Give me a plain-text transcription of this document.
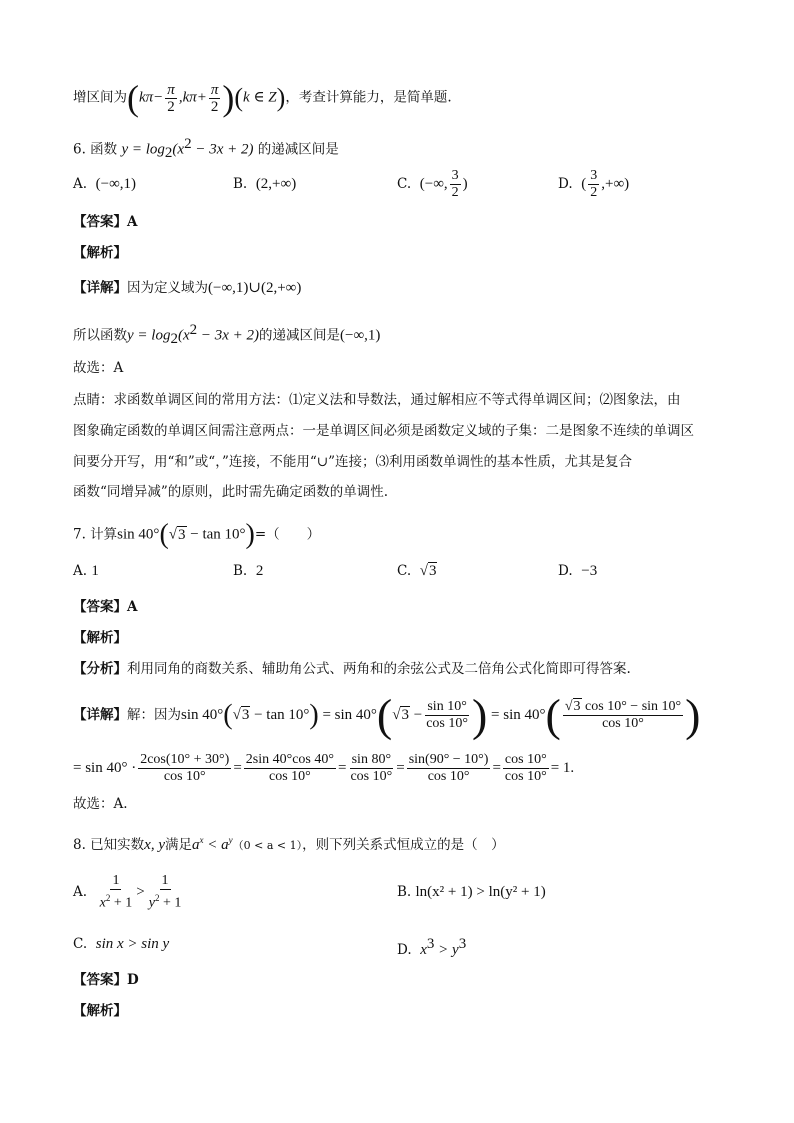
增区间为$(k\pi- \frac{\pi}{2} ,k\pi+ \frac{\pi}{2} )(k$ ∈ Z)，考查计算能力，是简单题.
6. 函数 $y = \log_2(x^2 - 3x + 2)$ 的递减区间是
A. (−∞,1)	B. (2,+∞)	C. (−∞, $\frac{3}{2}$ )	D. ( $\frac{3}{2}$ ,+∞)
【答案】A
【解析】
【详解】因为定义域为(−∞,1)∪(2,+∞)
所以函数$y = \log_2(x^2 - 3x + 2)$的递减区间是(−∞,1)
故选：A
点睛：求函数单调区间的常用方法：⑴定义法和导数法，通过解相应不等式得单调区间；⑵图象法，由
图象确定函数的单调区间需注意两点：一是单调区间必须是函数定义域的子集：二是图象不连续的单调区
间要分开写，用“和”或“，”连接，不能用“∪”连接；⑶利用函数单调性的基本性质，尤其是复合
函数“同增异减”的原则，此时需先确定函数的单调性.
7. 计算sin 40°(√3 − tan 10°)=（　　）
A. 1	B. 2	C. √3	D. −3
【答案】A
【解析】
【分析】利用同角的商数关系、辅助角公式、两角和的余弦公式及二倍角公式化简即可得答案.
【详解】解：因为$\sin 40^\circ(√3 - \tan 10^\circ) = \sin 40^\circ(√3 - \frac{\sin 10^\circ}{\cos 10^\circ}$ ) = $\sin 40^\circ( \frac{√3 \cos 10^\circ - \sin 10^\circ}{\cos 10^\circ}$ )
= $\sin 40^\circ \cdot \frac{2\cos(10^\circ + 30^\circ)}{\cos 10^\circ} = \frac{2\sin 40^\circ\cos 40^\circ}{\cos 10^\circ} = \frac{\sin 80^\circ}{\cos 10^\circ} = \frac{\sin(90^\circ - 10^\circ)}{\cos 10^\circ} = \frac{\cos 10^\circ}{\cos 10^\circ} = 1$.
故选：A.
8. 已知实数x, y满足$a^x < a^y(0 < a < 1)$，则下列关系式恒成立的是（　）
A. $\frac{1}{x^2 + 1} > \frac{1}{y^2 + 1}$	B. ln(x² + 1) > ln(y² + 1)
C. sin x > sin y	D. $x^3 > y^3$
【答案】D
【解析】
